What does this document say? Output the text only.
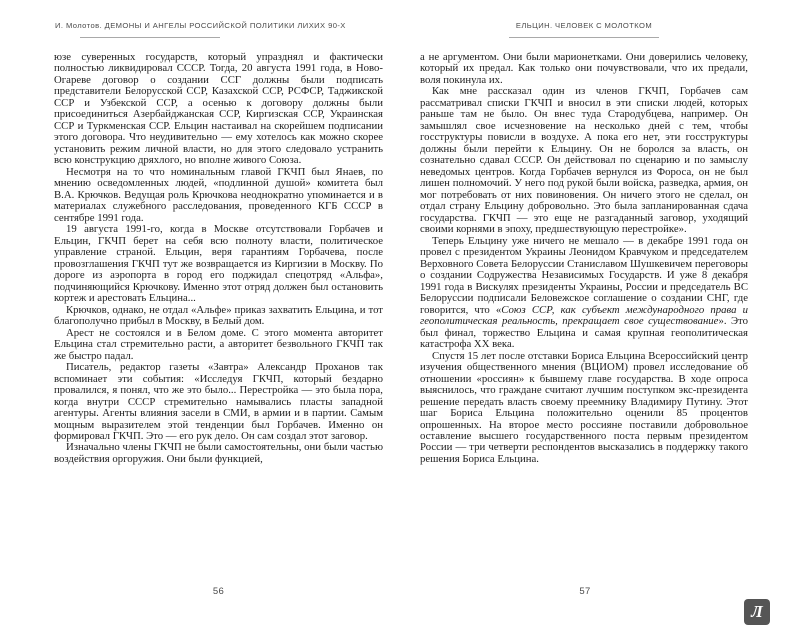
И. Молотов. ДЕМОНЫ И АНГЕЛЫ РОССИЙСКОЙ ПОЛИТИКИ ЛИХИХ 90-Х

юзе суверенных государств, который упразднял и фактически полностью ликвидировал СССР. Тогда, 20 августа 1991 года, в Ново-Огареве договор о создании ССГ должны были подписать представители Белорусской ССР, Казахской ССР, РСФСР, Таджикской ССР и Узбекской ССР, а осенью к договору должны были присоединиться Азербайджанская ССР, Киргизская ССР, Украинская ССР и Туркменская ССР. Ельцин настаивал на скорейшем подписании этого договора. Что неудивительно — ему хотелось как можно скорее установить режим личной власти, но для этого следовало устранить всю конструкцию дряхлого, но вполне живого Союза.

Несмотря на то что номинальным главой ГКЧП был Янаев, по мнению осведомленных людей, «подлинной душой» комитета был В.А. Крючков. Ведущая роль Крючкова неоднократно упоминается и в материалах служебного расследования, проведенного КГБ СССР в сентябре 1991 года.

19 августа 1991-го, когда в Москве отсутствовали Горбачев и Ельцин, ГКЧП берет на себя всю полноту власти, политическое управление страной. Ельцин, веря гарантиям Горбачева, после провозглашения ГКЧП тут же возвращается из Киргизии в Москву. По дороге из аэропорта в город его поджидал спецотряд «Альфа», подчиняющийся Крючкову. Именно этот отряд должен был остановить кортеж и арестовать Ельцина...

Крючков, однако, не отдал «Альфе» приказ захватить Ельцина, и тот благополучно прибыл в Москву, в Белый дом.

Арест не состоялся и в Белом доме. С этого момента авторитет Ельцина стал стремительно расти, а авторитет безвольного ГКЧП так же быстро падал.

Писатель, редактор газеты «Завтра» Александр Проханов так вспоминает эти события: «Исследуя ГКЧП, который бездарно провалился, я понял, что же это было... Перестройка — это была пора, когда внутри СССР стремительно намывались пласты западной агентуры. Агенты влияния засели в СМИ, в армии и в партии. Самым мощным выразителем этой тенденции был Горбачев. Именно он формировал ГКЧП. Это — его рук дело. Он сам создал этот заговор.

Изначально члены ГКЧП не были самостоятельны, они были частью воздействия оргоружия. Они были функцией,

56
ЕЛЬЦИН. ЧЕЛОВЕК С МОЛОТКОМ

а не аргументом. Они были марионетками. Они доверились человеку, который их предал. Как только они почувствовали, что их предали, воля покинула их.

Как мне рассказал один из членов ГКЧП, Горбачев сам рассматривал списки ГКЧП и вносил в эти списки людей, которых раньше там не было. Он внес туда Стародубцева, например. Он замышлял свое исчезновение на несколько дней с тем, чтобы госструктуры повисли в воздухе. А пока его нет, эти госструктуры должны были перейти к Ельцину. Он не боролся за власть, он сознательно сдавал СССР. Он действовал по сценарию и по замыслу неведомых центров. Когда Горбачев вернулся из Фороса, он не был лишен полномочий. У него под рукой были войска, разведка, армия, он мог потребовать от них повиновения. Он ничего этого не сделал, он отдал страну Ельцину добровольно. Это была запланированная сдача государства. ГКЧП — это еще не разгаданный заговор, уходящий своими корнями в эпоху, предшествующую перестройке».

Теперь Ельцину уже ничего не мешало — в декабре 1991 года он провел с президентом Украины Леонидом Кравчуком и председателем Верховного Совета Белоруссии Станиславом Шушкевичем переговоры о создании Содружества Независимых Государств. И уже 8 декабря 1991 года в Вискулях президенты Украины, России и председатель ВС Белоруссии подписали Беловежское соглашение о создании СНГ, где говорится, что «Союз ССР, как субъект международного права и геополитическая реальность, прекращает свое существование». Это был финал, торжество Ельцина и самая крупная геополитическая катастрофа XX века.

Спустя 15 лет после отставки Бориса Ельцина Всероссийский центр изучения общественного мнения (ВЦИОМ) провел исследование об отношении «россиян» к бывшему главе государства. В ходе опроса выяснилось, что граждане считают лучшим поступком экс-президента решение передать власть своему преемнику Владимиру Путину. Этот шаг Бориса Ельцина положительно оценили 85 процентов опрошенных. На второе место россияне поставили добровольное оставление высшего государственного поста первым президентом России — три четверти респондентов высказались в поддержку такого решения Бориса Ельцина.

57
Л
